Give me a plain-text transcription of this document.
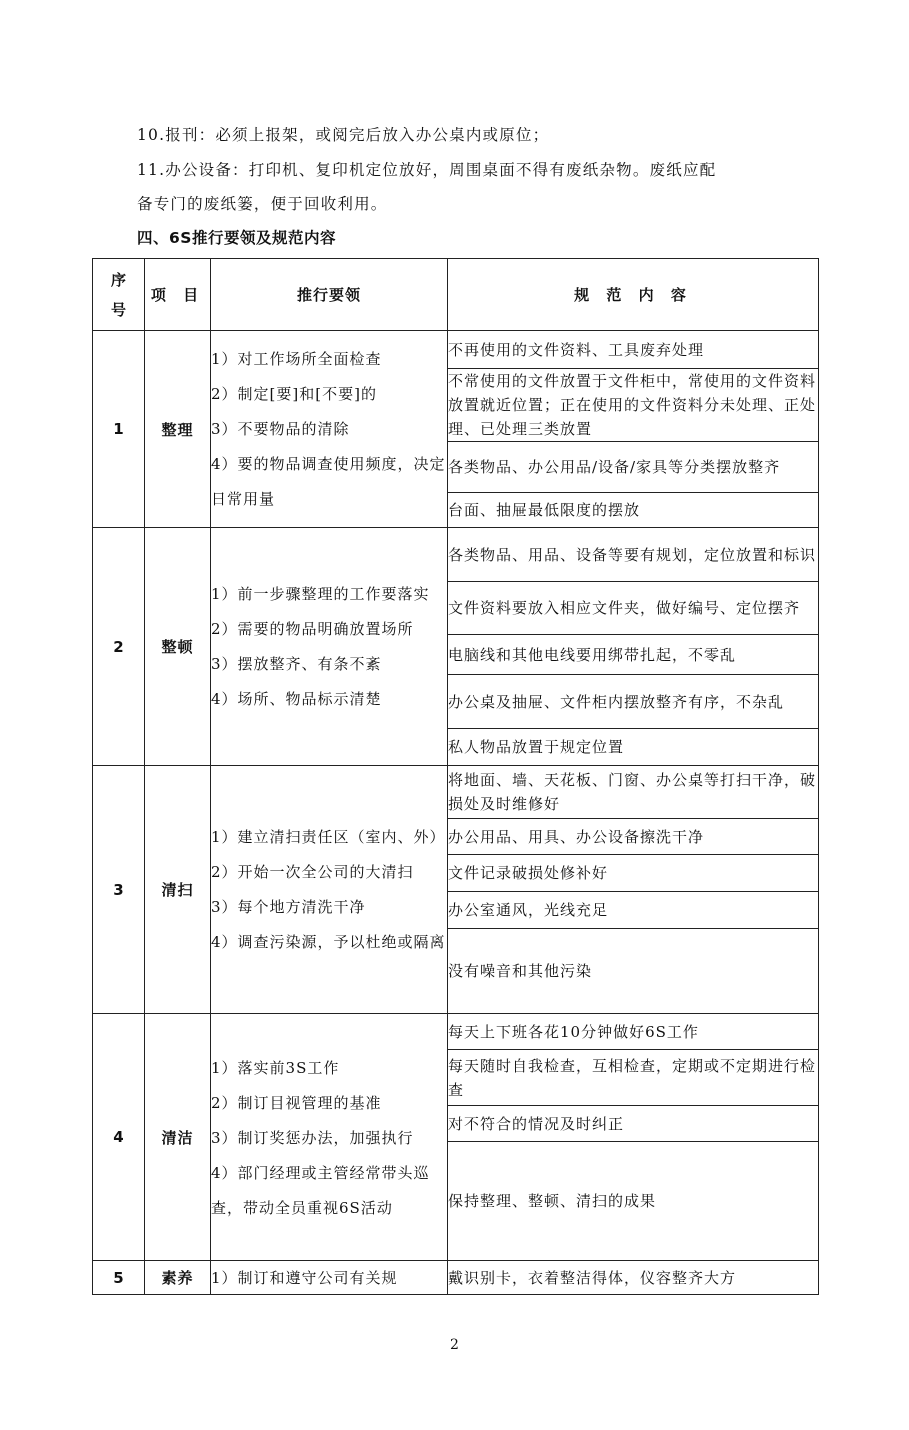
10.报刊：必须上报架，或阅完后放入办公桌内或原位；
11.办公设备：打印机、复印机定位放好，周围桌面不得有废纸杂物。废纸应配
备专门的废纸篓，便于回收利用。
四、6S推行要领及规范内容
序号	项 目	推行要领	规 范 内 容
1	整理	1）对工作场所全面检查
2）制定[要]和[不要]的
3）不要物品的清除
4）要的物品调查使用频度，决定日常用量	不再使用的文件资料、工具废弃处理
			不常使用的文件放置于文件柜中，常使用的文件资料放置就近位置；正在使用的文件资料分未处理、正处理、已处理三类放置
			各类物品、办公用品/设备/家具等分类摆放整齐
			台面、抽屉最低限度的摆放
2	整顿	1）前一步骤整理的工作要落实
2）需要的物品明确放置场所
3）摆放整齐、有条不紊
4）场所、物品标示清楚	各类物品、用品、设备等要有规划，定位放置和标识
			文件资料要放入相应文件夹，做好编号、定位摆齐
			电脑线和其他电线要用绑带扎起，不零乱
			办公桌及抽屉、文件柜内摆放整齐有序，不杂乱
			私人物品放置于规定位置
3	清扫	1）建立清扫责任区（室内、外）
2）开始一次全公司的大清扫
3）每个地方清洗干净
4）调查污染源，予以杜绝或隔离	将地面、墙、天花板、门窗、办公桌等打扫干净，破损处及时维修好
			办公用品、用具、办公设备擦洗干净
			文件记录破损处修补好
			办公室通风，光线充足
			没有噪音和其他污染
4	清洁	1）落实前3S工作
2）制订目视管理的基准
3）制订奖惩办法，加强执行
4）部门经理或主管经常带头巡查，带动全员重视6S活动	每天上下班各花10分钟做好6S工作
			每天随时自我检查，互相检查，定期或不定期进行检查
			对不符合的情况及时纠正
			保持整理、整顿、清扫的成果
5	素养	1）制订和遵守公司有关规	戴识别卡，衣着整洁得体，仪容整齐大方
2
